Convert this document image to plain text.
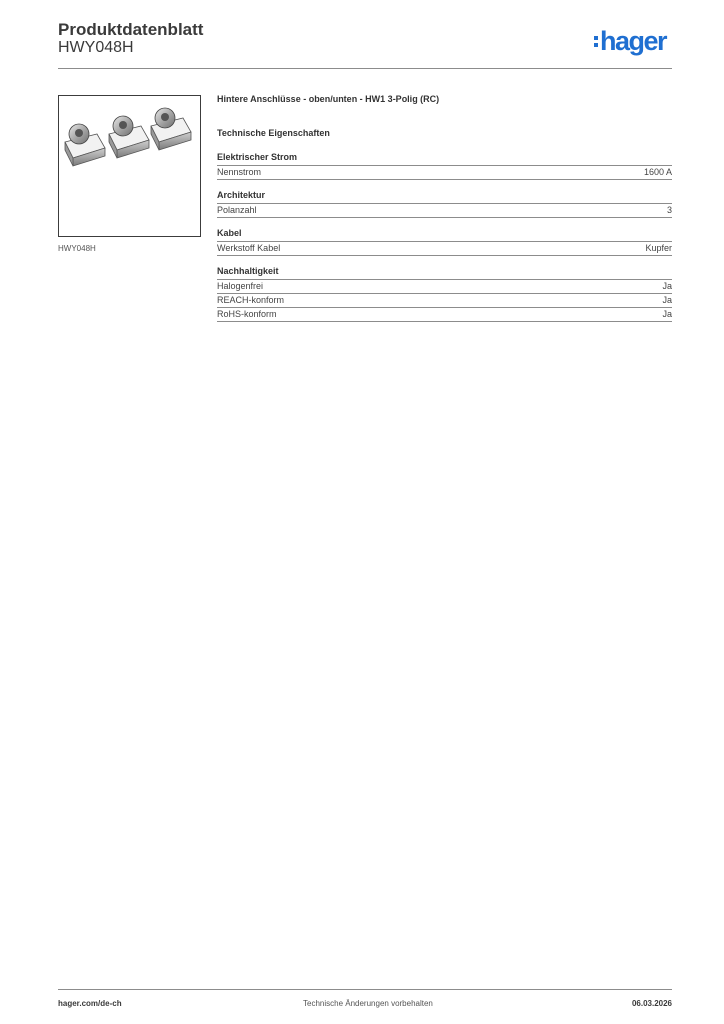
Produktdatenblatt
HWY048H	hager
HWY048H
Hintere Anschlüsse - oben/unten - HW1 3-Polig (RC)
Technische Eigenschaften
Elektrischer Strom
Nennstrom	1600 A
Architektur
Polanzahl	3
Kabel
Werkstoff Kabel	Kupfer
Nachhaltigkeit
Halogenfrei	Ja
REACH-konform	Ja
RoHS-konform	Ja
hager.com/de-ch	Technische Änderungen vorbehalten	06.03.2026
